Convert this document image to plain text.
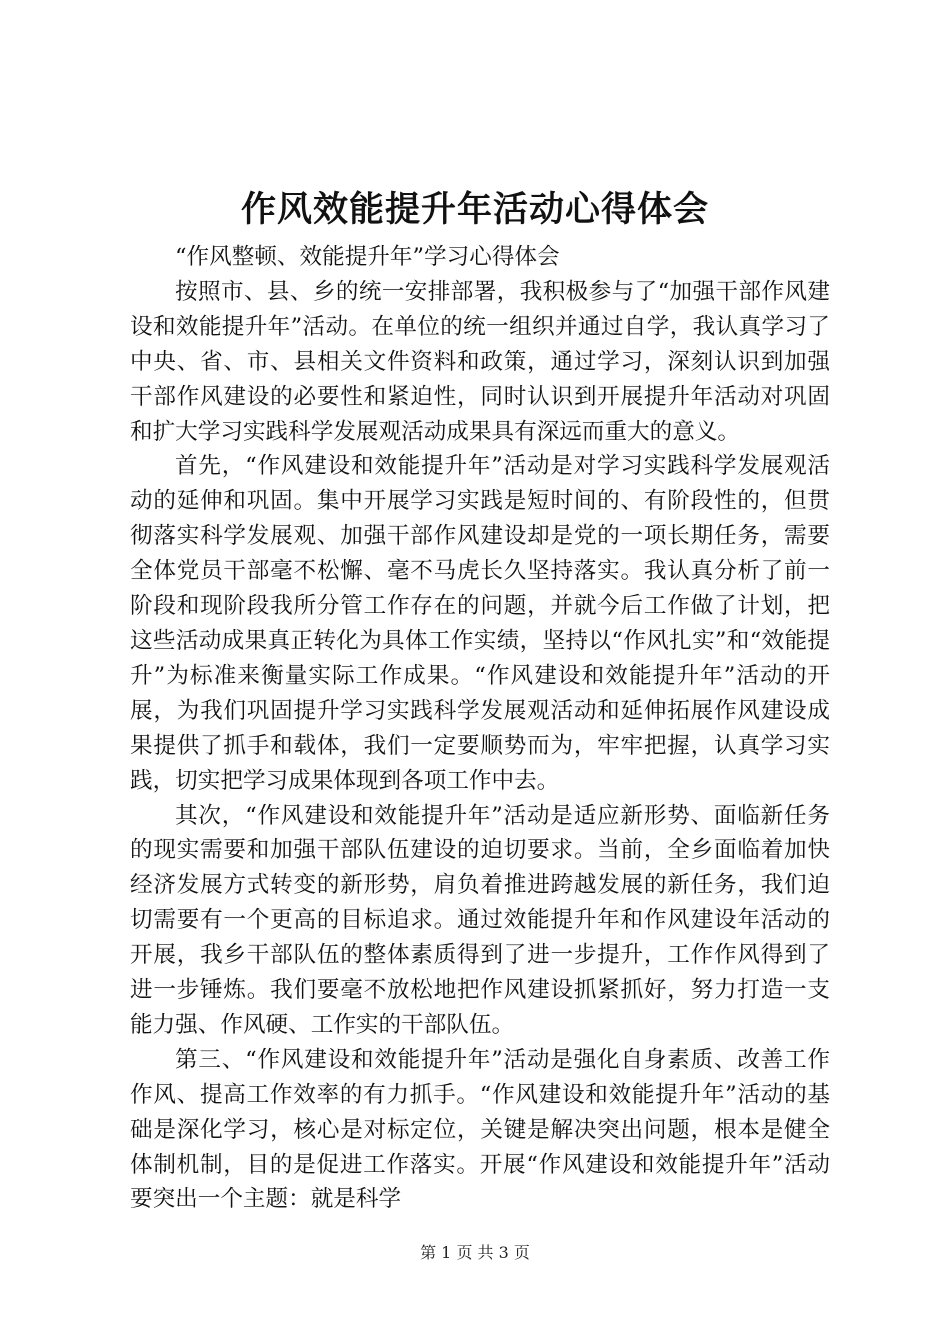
作风效能提升年活动心得体会

“作风整顿、效能提升年”学习心得体会

按照市、县、乡的统一安排部署，我积极参与了“加强干部作风建设和效能提升年”活动。在单位的统一组织并通过自学，我认真学习了中央、省、市、县相关文件资料和政策，通过学习，深刻认识到加强干部作风建设的必要性和紧迫性，同时认识到开展提升年活动对巩固和扩大学习实践科学发展观活动成果具有深远而重大的意义。

首先，“作风建设和效能提升年”活动是对学习实践科学发展观活动的延伸和巩固。集中开展学习实践是短时间的、有阶段性的，但贯彻落实科学发展观、加强干部作风建设却是党的一项长期任务，需要全体党员干部毫不松懈、毫不马虎长久坚持落实。我认真分析了前一阶段和现阶段我所分管工作存在的问题，并就今后工作做了计划，把这些活动成果真正转化为具体工作实绩，坚持以“作风扎实”和“效能提升”为标准来衡量实际工作成果。“作风建设和效能提升年”活动的开展，为我们巩固提升学习实践科学发展观活动和延伸拓展作风建设成果提供了抓手和载体，我们一定要顺势而为，牢牢把握，认真学习实践，切实把学习成果体现到各项工作中去。

其次，“作风建设和效能提升年”活动是适应新形势、面临新任务的现实需要和加强干部队伍建设的迫切要求。当前，全乡面临着加快经济发展方式转变的新形势，肩负着推进跨越发展的新任务，我们迫切需要有一个更高的目标追求。通过效能提升年和作风建设年活动的开展，我乡干部队伍的整体素质得到了进一步提升，工作作风得到了进一步锤炼。我们要毫不放松地把作风建设抓紧抓好，努力打造一支能力强、作风硬、工作实的干部队伍。

第三、“作风建设和效能提升年”活动是强化自身素质、改善工作作风、提高工作效率的有力抓手。“作风建设和效能提升年”活动的基础是深化学习，核心是对标定位，关键是解决突出问题，根本是健全体制机制，目的是促进工作落实。开展“作风建设和效能提升年”活动要突出一个主题：就是科学

第 1 页 共 3 页
